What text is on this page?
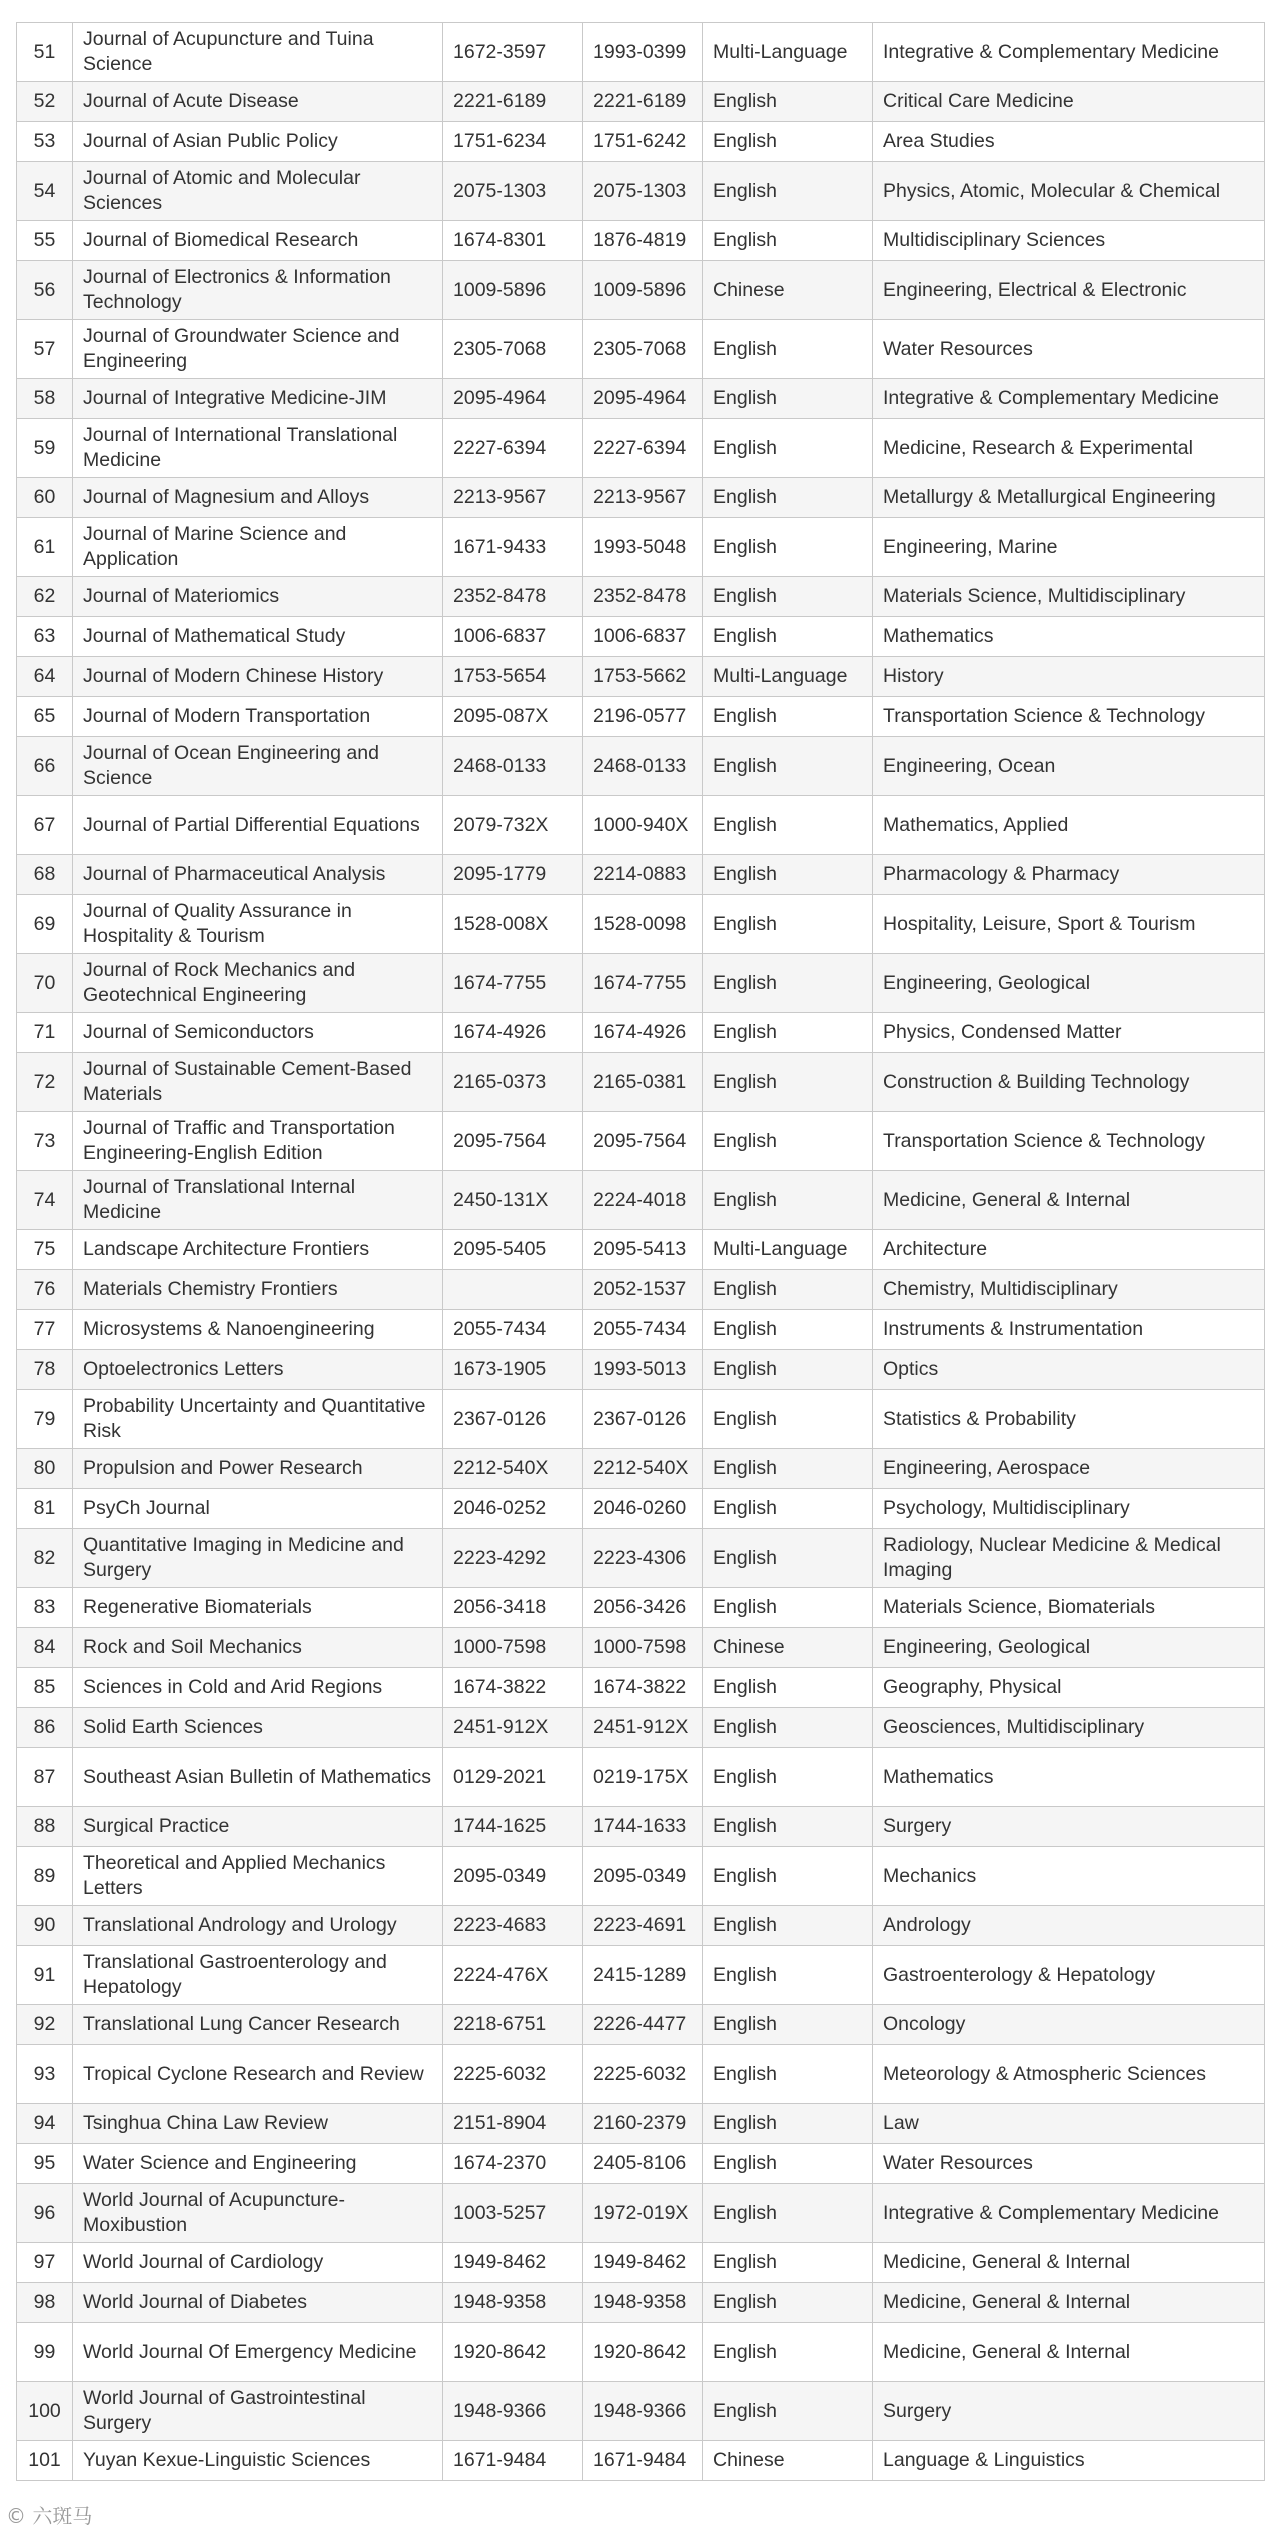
51	Journal of Acupuncture and Tuina Science	1672-3597	1993-0399	Multi-Language	Integrative & Complementary Medicine
52	Journal of Acute Disease	2221-6189	2221-6189	English	Critical Care Medicine
53	Journal of Asian Public Policy	1751-6234	1751-6242	English	Area Studies
54	Journal of Atomic and Molecular Sciences	2075-1303	2075-1303	English	Physics, Atomic, Molecular & Chemical
55	Journal of Biomedical Research	1674-8301	1876-4819	English	Multidisciplinary Sciences
56	Journal of Electronics & Information Technology	1009-5896	1009-5896	Chinese	Engineering, Electrical & Electronic
57	Journal of Groundwater Science and Engineering	2305-7068	2305-7068	English	Water Resources
58	Journal of Integrative Medicine-JIM	2095-4964	2095-4964	English	Integrative & Complementary Medicine
59	Journal of International Translational Medicine	2227-6394	2227-6394	English	Medicine, Research & Experimental
60	Journal of Magnesium and Alloys	2213-9567	2213-9567	English	Metallurgy & Metallurgical Engineering
61	Journal of Marine Science and Application	1671-9433	1993-5048	English	Engineering, Marine
62	Journal of Materiomics	2352-8478	2352-8478	English	Materials Science, Multidisciplinary
63	Journal of Mathematical Study	1006-6837	1006-6837	English	Mathematics
64	Journal of Modern Chinese History	1753-5654	1753-5662	Multi-Language	History
65	Journal of Modern Transportation	2095-087X	2196-0577	English	Transportation Science & Technology
66	Journal of Ocean Engineering and Science	2468-0133	2468-0133	English	Engineering, Ocean
67	Journal of Partial Differential Equations	2079-732X	1000-940X	English	Mathematics, Applied
68	Journal of Pharmaceutical Analysis	2095-1779	2214-0883	English	Pharmacology & Pharmacy
69	Journal of Quality Assurance in Hospitality & Tourism	1528-008X	1528-0098	English	Hospitality, Leisure, Sport & Tourism
70	Journal of Rock Mechanics and Geotechnical Engineering	1674-7755	1674-7755	English	Engineering, Geological
71	Journal of Semiconductors	1674-4926	1674-4926	English	Physics, Condensed Matter
72	Journal of Sustainable Cement-Based Materials	2165-0373	2165-0381	English	Construction & Building Technology
73	Journal of Traffic and Transportation Engineering-English Edition	2095-7564	2095-7564	English	Transportation Science & Technology
74	Journal of Translational Internal Medicine	2450-131X	2224-4018	English	Medicine, General & Internal
75	Landscape Architecture Frontiers	2095-5405	2095-5413	Multi-Language	Architecture
76	Materials Chemistry Frontiers		2052-1537	English	Chemistry, Multidisciplinary
77	Microsystems & Nanoengineering	2055-7434	2055-7434	English	Instruments & Instrumentation
78	Optoelectronics Letters	1673-1905	1993-5013	English	Optics
79	Probability Uncertainty and Quantitative Risk	2367-0126	2367-0126	English	Statistics & Probability
80	Propulsion and Power Research	2212-540X	2212-540X	English	Engineering, Aerospace
81	PsyCh Journal	2046-0252	2046-0260	English	Psychology, Multidisciplinary
82	Quantitative Imaging in Medicine and Surgery	2223-4292	2223-4306	English	Radiology, Nuclear Medicine & Medical Imaging
83	Regenerative Biomaterials	2056-3418	2056-3426	English	Materials Science, Biomaterials
84	Rock and Soil Mechanics	1000-7598	1000-7598	Chinese	Engineering, Geological
85	Sciences in Cold and Arid Regions	1674-3822	1674-3822	English	Geography, Physical
86	Solid Earth Sciences	2451-912X	2451-912X	English	Geosciences, Multidisciplinary
87	Southeast Asian Bulletin of Mathematics	0129-2021	0219-175X	English	Mathematics
88	Surgical Practice	1744-1625	1744-1633	English	Surgery
89	Theoretical and Applied Mechanics Letters	2095-0349	2095-0349	English	Mechanics
90	Translational Andrology and Urology	2223-4683	2223-4691	English	Andrology
91	Translational Gastroenterology and Hepatology	2224-476X	2415-1289	English	Gastroenterology & Hepatology
92	Translational Lung Cancer Research	2218-6751	2226-4477	English	Oncology
93	Tropical Cyclone Research and Review	2225-6032	2225-6032	English	Meteorology & Atmospheric Sciences
94	Tsinghua China Law Review	2151-8904	2160-2379	English	Law
95	Water Science and Engineering	1674-2370	2405-8106	English	Water Resources
96	World Journal of Acupuncture-Moxibustion	1003-5257	1972-019X	English	Integrative & Complementary Medicine
97	World Journal of Cardiology	1949-8462	1949-8462	English	Medicine, General & Internal
98	World Journal of Diabetes	1948-9358	1948-9358	English	Medicine, General & Internal
99	World Journal Of Emergency Medicine	1920-8642	1920-8642	English	Medicine, General & Internal
100	World Journal of Gastrointestinal Surgery	1948-9366	1948-9366	English	Surgery
101	Yuyan Kexue-Linguistic Sciences	1671-9484	1671-9484	Chinese	Language & Linguistics
© 六斑马
